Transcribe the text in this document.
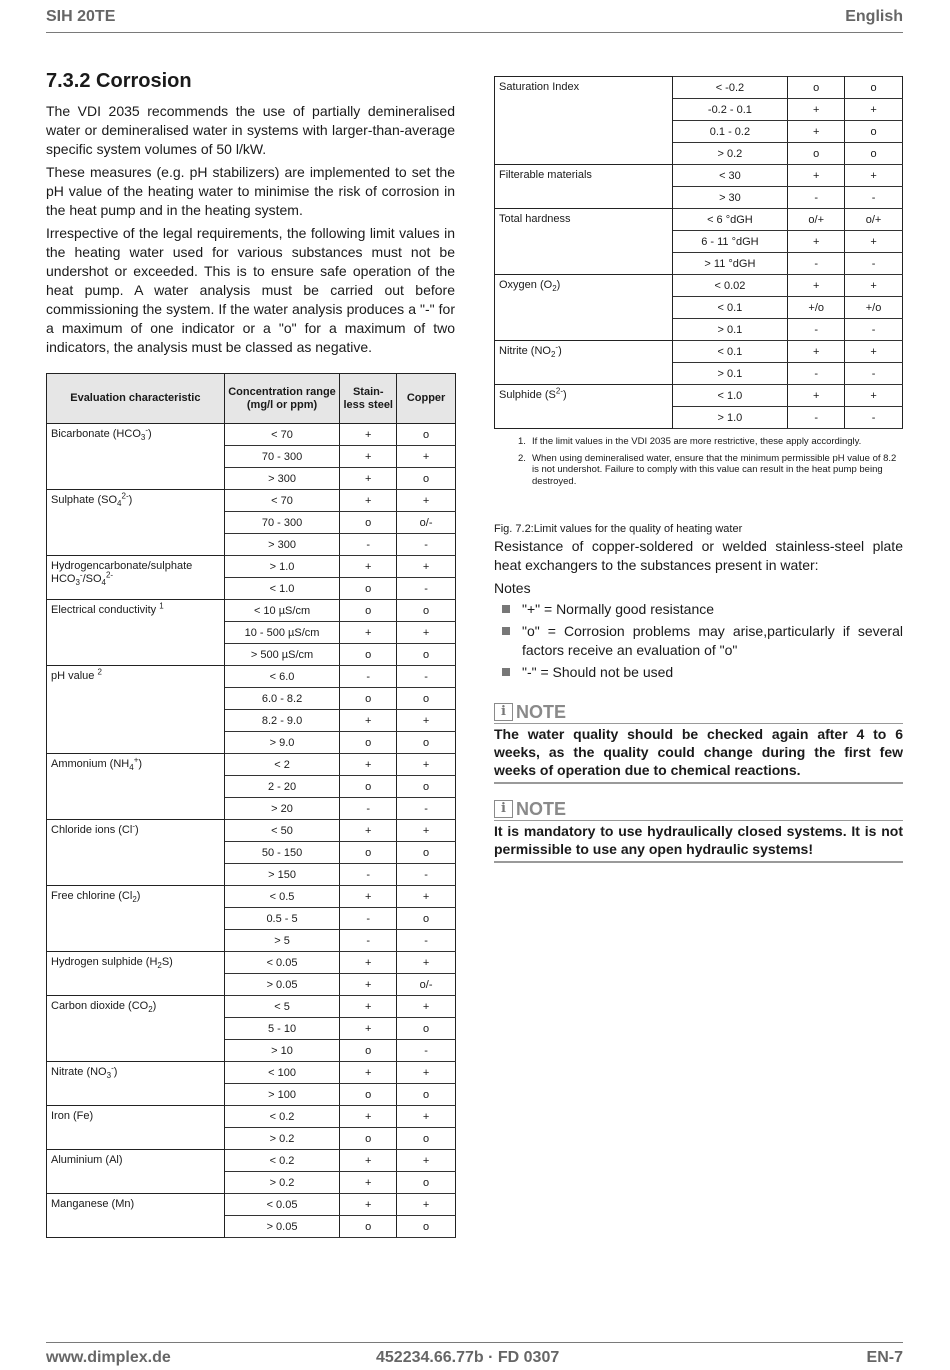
SIH 20TE	English
7.3.2 Corrosion

The VDI 2035 recommends the use of partially demineralised water or demineralised water in systems with larger-than-average specific system volumes of 50 l/kW.

These measures (e.g. pH stabilizers) are implemented to set the pH value of the heating water to minimise the risk of corrosion in the heat pump and in the heating system.

Irrespective of the legal requirements, the following limit values in the heating water used for various substances must not be undershot or exceeded. This is to ensure safe operation of the heat pump. A water analysis must be carried out before commissioning the system. If the water analysis produces a "-" for a maximum of one indicator or a "o" for a maximum of two indicators, the analysis must be classed as negative.

Evaluation characteristic	Concentration range (mg/l or ppm)	Stain-less steel	Copper
Bicarbonate $(HCO_3^-)$	< 70	+	o
	70 - 300	+	+
	> 300	+	o
Sulphate $(SO_4^{2-})$	< 70	+	+
	70 - 300	o	o/-
	> 300	-	-
Hydrogencarbonate/sulphate $HCO_3^-/SO_4^{2-}$	> 1.0	+	+
	< 1.0	o	-
Electrical conductivity $^1$	< 10 µS/cm	o	o
	10 - 500 µS/cm	+	+
	> 500 µS/cm	o	o
pH value $^2$	< 6.0	-	-
	6.0 - 8.2	o	o
	8.2 - 9.0	+	+
	> 9.0	o	o
Ammonium $(NH_4^+)$	< 2	+	+
	2 - 20	o	o
	> 20	-	-
Chloride ions (Cl-)	< 50	+	+
	50 - 150	o	o
	> 150	-	-
Free chlorine $(Cl_2)$	< 0.5	+	+
	0.5 - 5	-	o
	> 5	-	-
Hydrogen sulphide $(H_2S)$	< 0.05	+	+
	> 0.05	+	o/-
Carbon dioxide $(CO_2)$	< 5	+	+
	5 - 10	+	o
	> 10	o	-
Nitrate $(NO_3^-)$	< 100	+	+
	> 100	o	o
Iron (Fe)	< 0.2	+	+
	> 0.2	o	o
Aluminium (Al)	< 0.2	+	+
	> 0.2	+	o
Manganese (Mn)	< 0.05	+	+
	> 0.05	o	o
Saturation Index	< -0.2	o	o
	-0.2 - 0.1	+	+
	0.1 - 0.2	+	o
	> 0.2	o	o
Filterable materials	< 30	+	+
	> 30	-	-
Total hardness	< 6 °dGH	o/+	o/+
	6 - 11 °dGH	+	+
	> 11 °dGH	-	-
Oxygen $(O_2)$	< 0.02	+	+
	< 0.1	+/o	+/o
	> 0.1	-	-
Nitrite $(NO_2^-)$	< 0.1	+	+
	> 0.1	-	-
Sulphide $(S^{2-})$	< 1.0	+	+
	> 1.0	-	-

1. If the limit values in the VDI 2035 are more restrictive, these apply accordingly.

2. When using demineralised water, ensure that the minimum permissible pH value of 8.2 is not undershot. Failure to comply with this value can result in the heat pump being destroyed.

Fig. 7.2:Limit values for the quality of heating water
Resistance of copper-soldered or welded stainless-steel plate heat exchangers to the substances present in water:
Notes
"+" = Normally good resistance
"o" = Corrosion problems may arise,particularly if several factors receive an evaluation of "o"
"-" = Should not be used
i NOTE
The water quality should be checked again after 4 to 6 weeks, as the quality could change during the first few weeks of operation due to chemical reactions.
i NOTE
It is mandatory to use hydraulically closed systems. It is not permissible to use any open hydraulic systems!
www.dimplex.de	452234.66.77b · FD 0307	EN-7
